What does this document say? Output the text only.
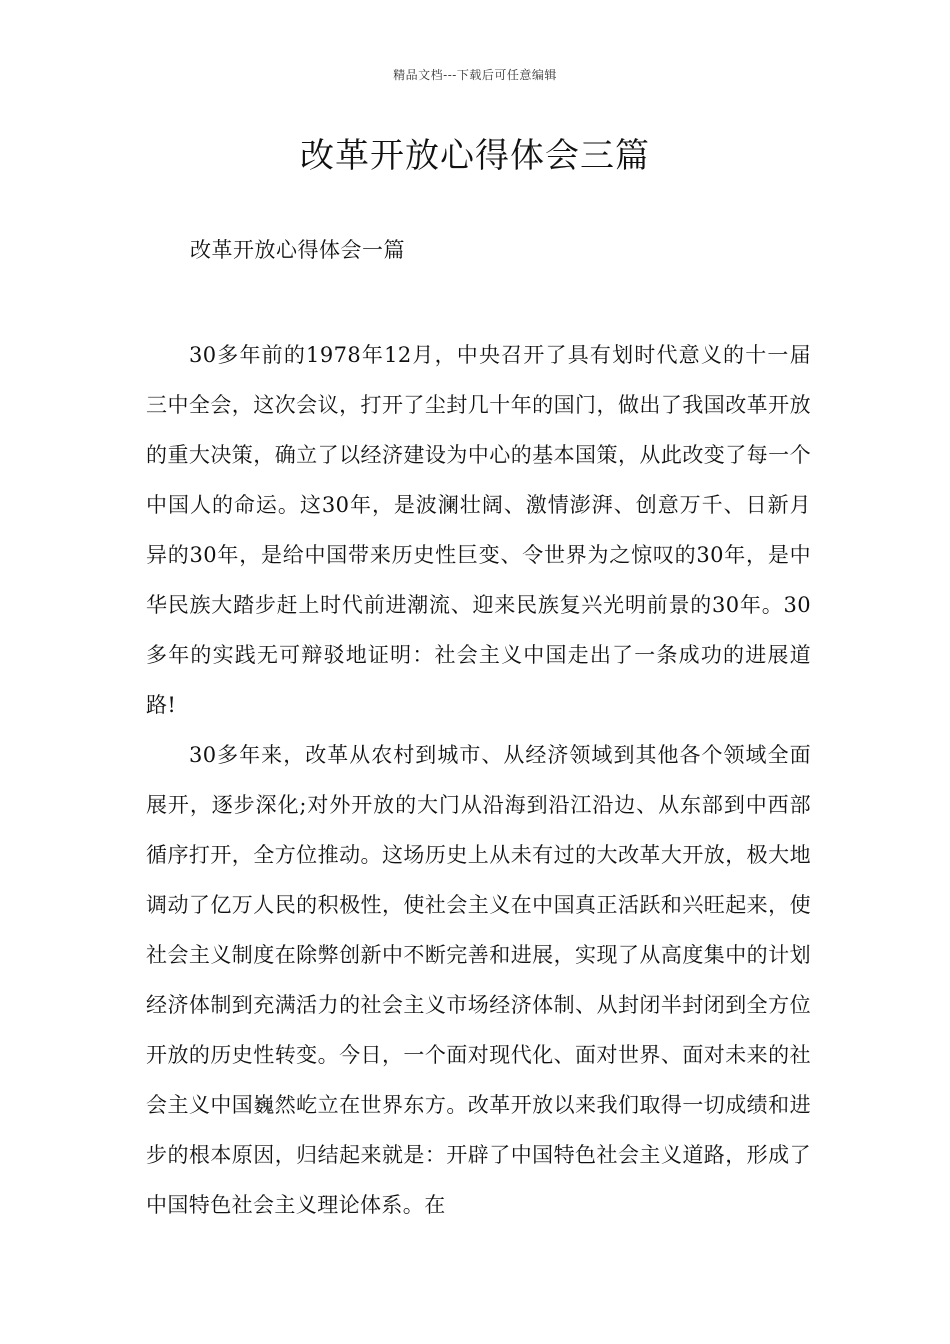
精品文档---下载后可任意编辑
改革开放心得体会三篇
改革开放心得体会一篇

30多年前的1978年12月，中央召开了具有划时代意义的十一届三中全会，这次会议，打开了尘封几十年的国门，做出了我国改革开放的重大决策，确立了以经济建设为中心的基本国策，从此改变了每一个中国人的命运。这30年，是波澜壮阔、激情澎湃、创意万千、日新月异的30年，是给中国带来历史性巨变、令世界为之惊叹的30年，是中华民族大踏步赶上时代前进潮流、迎来民族复兴光明前景的30年。30多年的实践无可辩驳地证明：社会主义中国走出了一条成功的进展道路!

30多年来，改革从农村到城市、从经济领域到其他各个领域全面展开，逐步深化;对外开放的大门从沿海到沿江沿边、从东部到中西部循序打开，全方位推动。这场历史上从未有过的大改革大开放，极大地调动了亿万人民的积极性，使社会主义在中国真正活跃和兴旺起来，使社会主义制度在除弊创新中不断完善和进展，实现了从高度集中的计划经济体制到充满活力的社会主义市场经济体制、从封闭半封闭到全方位开放的历史性转变。今日，一个面对现代化、面对世界、面对未来的社会主义中国巍然屹立在世界东方。改革开放以来我们取得一切成绩和进步的根本原因，归结起来就是：开辟了中国特色社会主义道路，形成了中国特色社会主义理论体系。在
